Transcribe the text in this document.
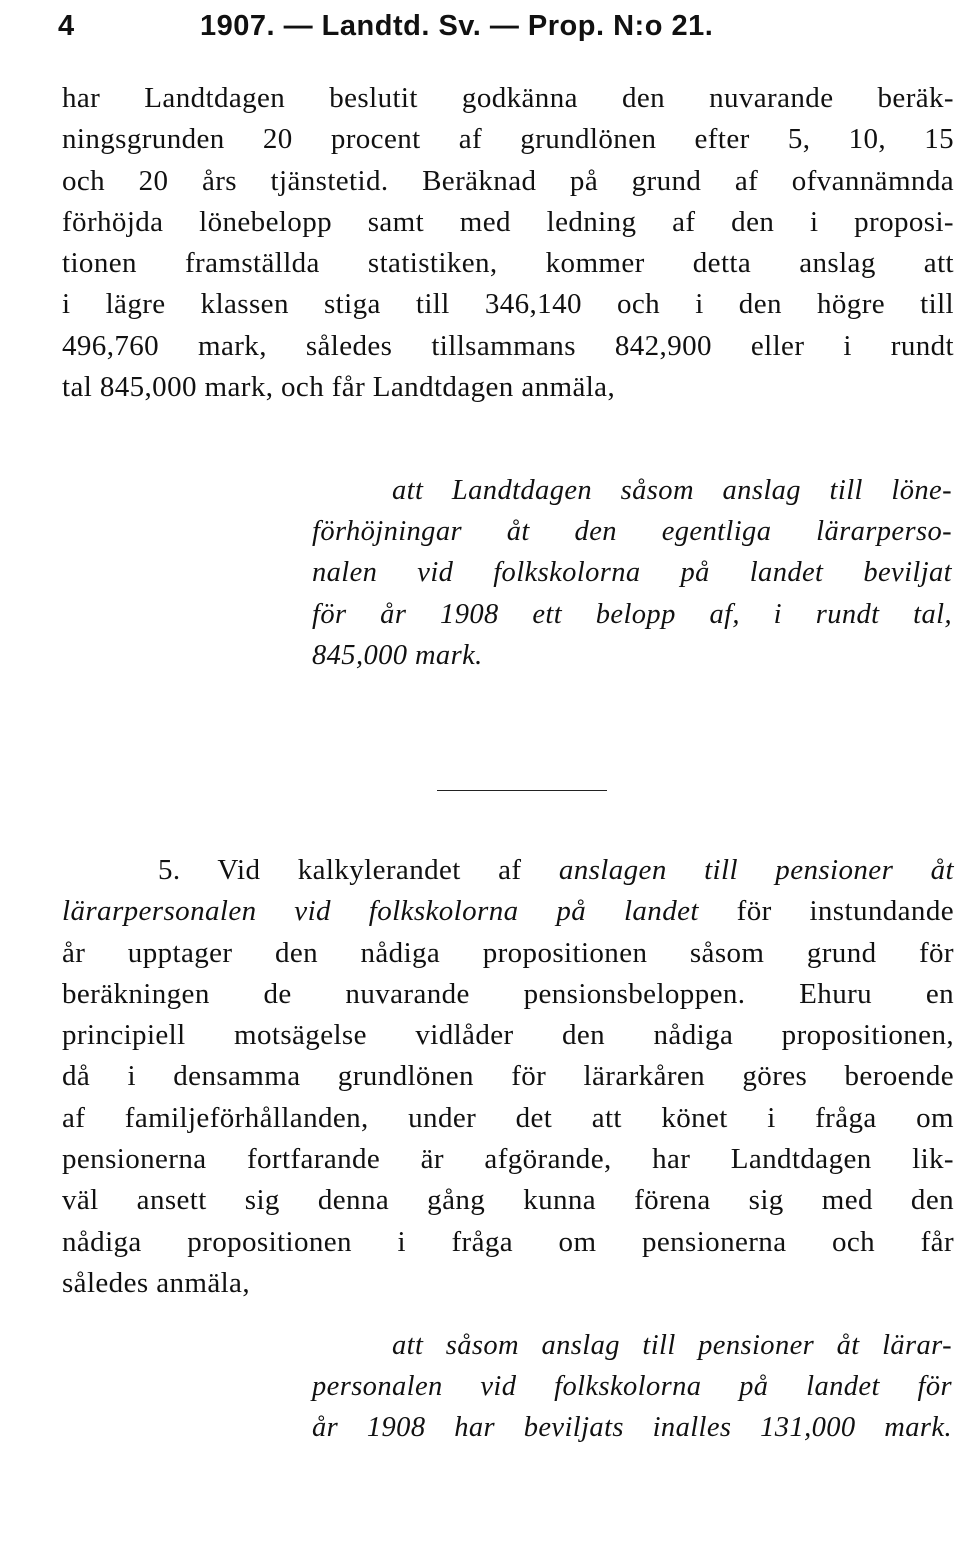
4	1907. — Landtd. Sv. — Prop. N:o 21.
har Landtdagen beslutit godkänna den nuvarande beräk-
ningsgrunden 20 procent af grundlönen efter 5, 10, 15
och 20 års tjänstetid. Beräknad på grund af ofvannämnda
förhöjda lönebelopp samt med ledning af den i proposi-
tionen framställda statistiken, kommer detta anslag att
i lägre klassen stiga till 346,140 och i den högre till
496,760 mark, således tillsammans 842,900 eller i rundt
tal 845,000 mark, och får Landtdagen anmäla,
att Landtdagen såsom anslag till löne-
förhöjningar åt den egentliga lärarperso-
nalen vid folkskolorna på landet beviljat
för år 1908 ett belopp af, i rundt tal,
845,000 mark.
5. Vid kalkylerandet af anslagen till pensioner åt
lärarpersonalen vid folkskolorna på landet för instundande
år upptager den nådiga propositionen såsom grund för
beräkningen de nuvarande pensionsbeloppen. Ehuru en
principiell motsägelse vidlåder den nådiga propositionen,
då i densamma grundlönen för lärarkåren göres beroende
af familjeförhållanden, under det att könet i fråga om
pensionerna fortfarande är afgörande, har Landtdagen lik-
väl ansett sig denna gång kunna förena sig med den
nådiga propositionen i fråga om pensionerna och får
således anmäla,
att såsom anslag till pensioner åt lärar-
personalen vid folkskolorna på landet för
år 1908 har beviljats inalles 131,000 mark.
